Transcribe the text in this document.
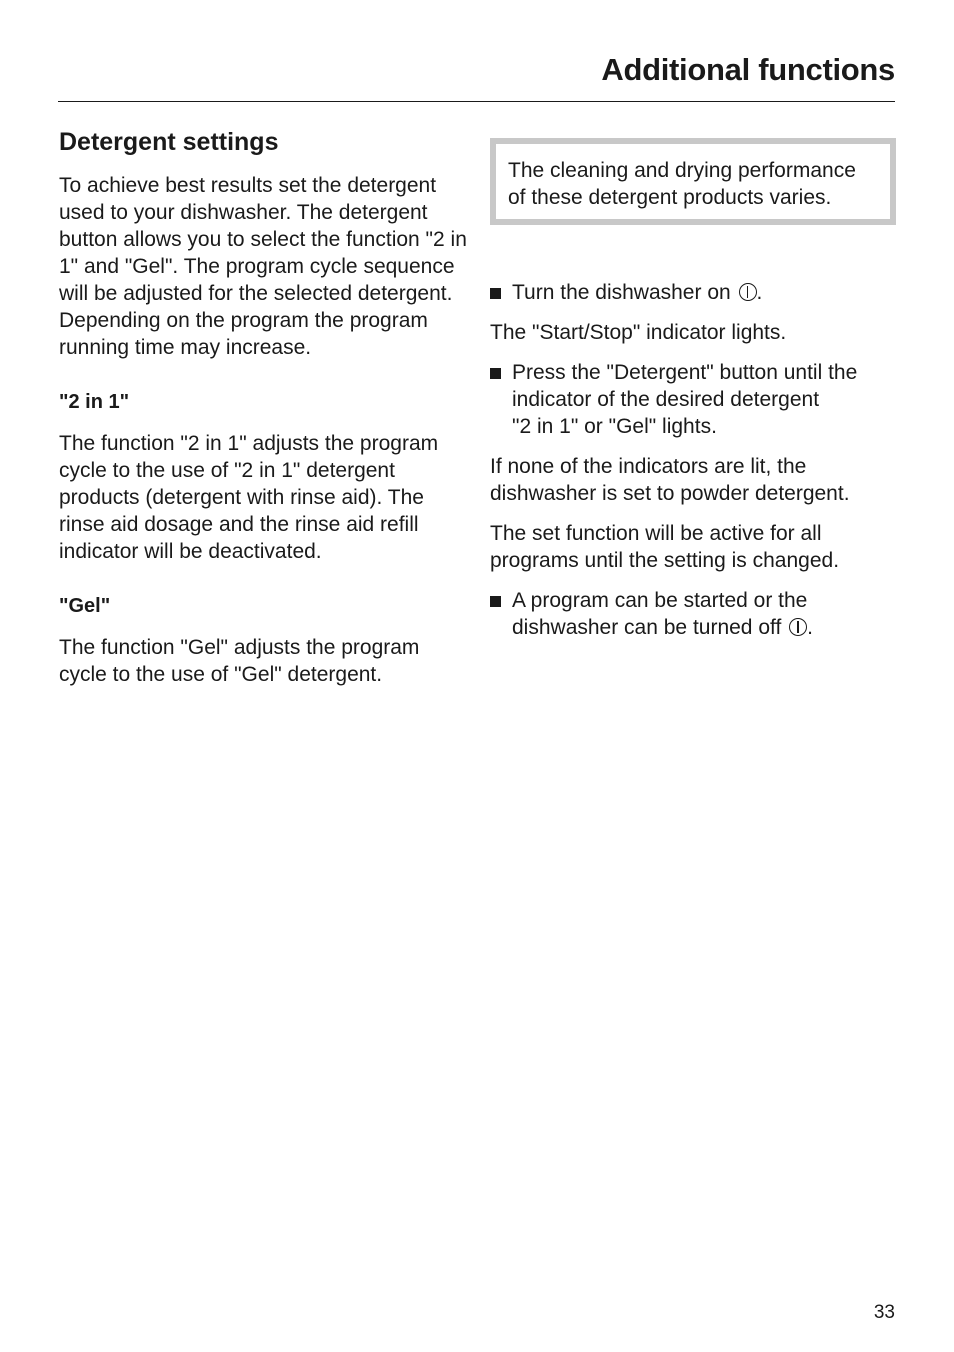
Additional functions
Detergent settings

To achieve best results set the detergent used to your dishwasher. The detergent button allows you to select the function "2 in 1" and "Gel". The program cycle sequence will be adjusted for the selected detergent. Depending on the program the program running time may increase.

"2 in 1"

The function "2 in 1" adjusts the program cycle to the use of "2 in 1" detergent products (detergent with rinse aid). The rinse aid dosage and the rinse aid refill indicator will be deactivated.

"Gel"

The function "Gel" adjusts the program cycle to the use of "Gel" detergent.

The cleaning and drying performance of these detergent products varies.
Turn the dishwasher on .

The "Start/Stop" indicator lights.

Press the "Detergent" button until the indicator of the desired detergent
"2 in 1" or "Gel" lights.

If none of the indicators are lit, the dishwasher is set to powder detergent.

The set function will be active for all programs until the setting is changed.

A program can be started or the dishwasher can be turned off .
33
